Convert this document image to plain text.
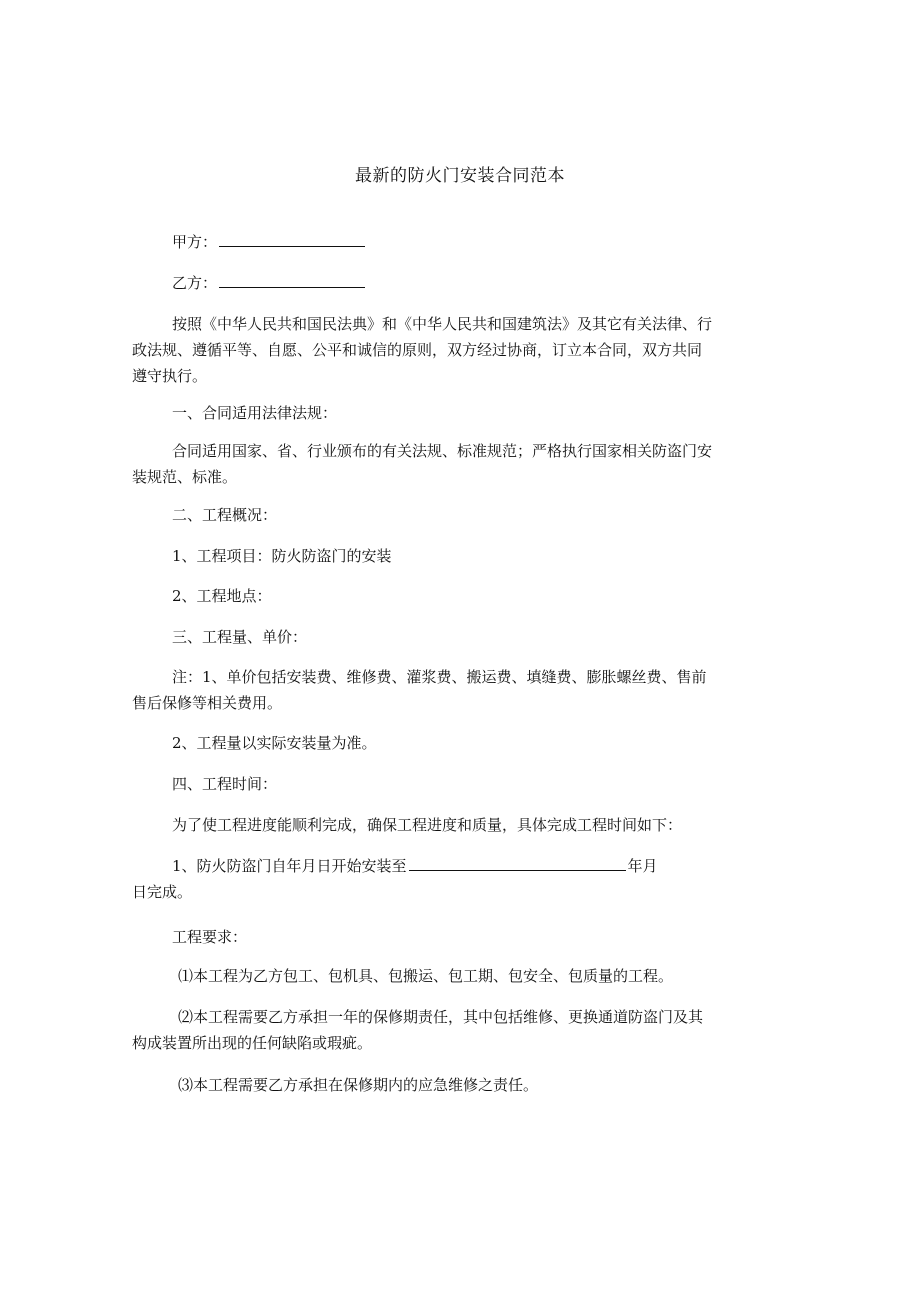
最新的防火门安装合同范本
甲方：
乙方：
按照《中华人民共和国民法典》和《中华人民共和国建筑法》及其它有关法律、行
政法规、遵循平等、自愿、公平和诚信的原则，双方经过协商，订立本合同，双方共同
遵守执行。
一、合同适用法律法规：
合同适用国家、省、行业颁布的有关法规、标准规范；严格执行国家相关防盗门安
装规范、标准。
二、工程概况：
1、工程项目：防火防盗门的安装
2、工程地点：
三、工程量、单价：
注：1、单价包括安装费、维修费、灌浆费、搬运费、填缝费、膨胀螺丝费、售前
售后保修等相关费用。
2、工程量以实际安装量为准。
四、工程时间：
为了使工程进度能顺利完成，确保工程进度和质量，具体完成工程时间如下：
1、防火防盗门自年月日开始安装至	年月
日完成。
工程要求：
⑴本工程为乙方包工、包机具、包搬运、包工期、包安全、包质量的工程。
⑵本工程需要乙方承担一年的保修期责任，其中包括维修、更换通道防盗门及其
构成装置所出现的任何缺陷或瑕疵。
⑶本工程需要乙方承担在保修期内的应急维修之责任。
